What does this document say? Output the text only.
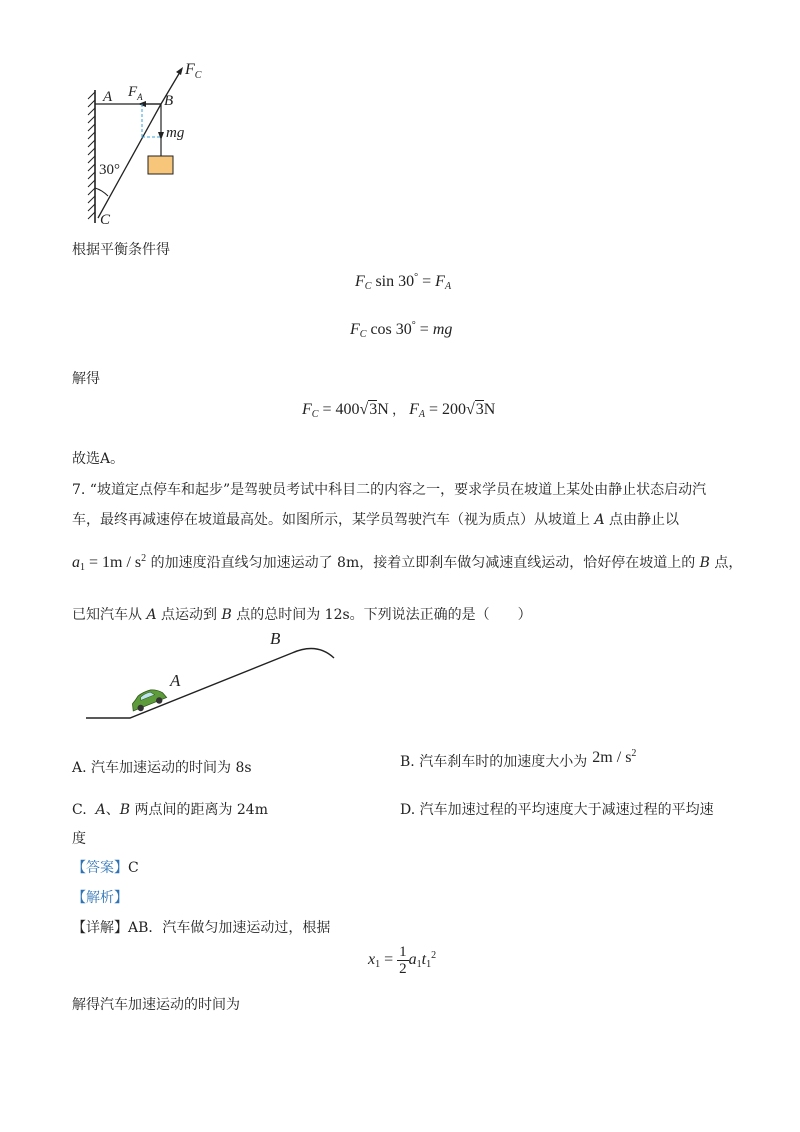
$F_C$
$F_A$
A	B
mg
30°
C
根据平衡条件得
$F_C$ $\sin 30^\circ = F_A$
$F_C$ cos 30° = mg
解得
$F_C = 400√3N$ ， $F_A = 200√3N$
故选A。
7. “坡道定点停车和起步”是驾驶员考试中科目二的内容之一，要求学员在坡道上某处由静止状态启动汽
车，最终再减速停在坡道最高处。如图所示，某学员驾驶汽车（视为质点）从坡道上 A 点由静止以
$a_1 = 1m / s^2$ 的加速度沿直线匀加速运动了 8m，接着立即刹车做匀减速直线运动，恰好停在坡道上的 B 点，
已知汽车从 A 点运动到 B 点的总时间为 12s。下列说法正确的是（　　）
A
B
A. 汽车加速运动的时间为 8s	B. 汽车刹车时的加速度大小为 $2m / s^2$
C.  A、B 两点间的距离为 24m	D. 汽车加速过程的平均速度大于减速过程的平均速
度
【答案】C
【解析】
【详解】AB．汽车做匀加速运动过，根据
$x_1 = \frac{1}{2} a_1t_1^2$
解得汽车加速运动的时间为
